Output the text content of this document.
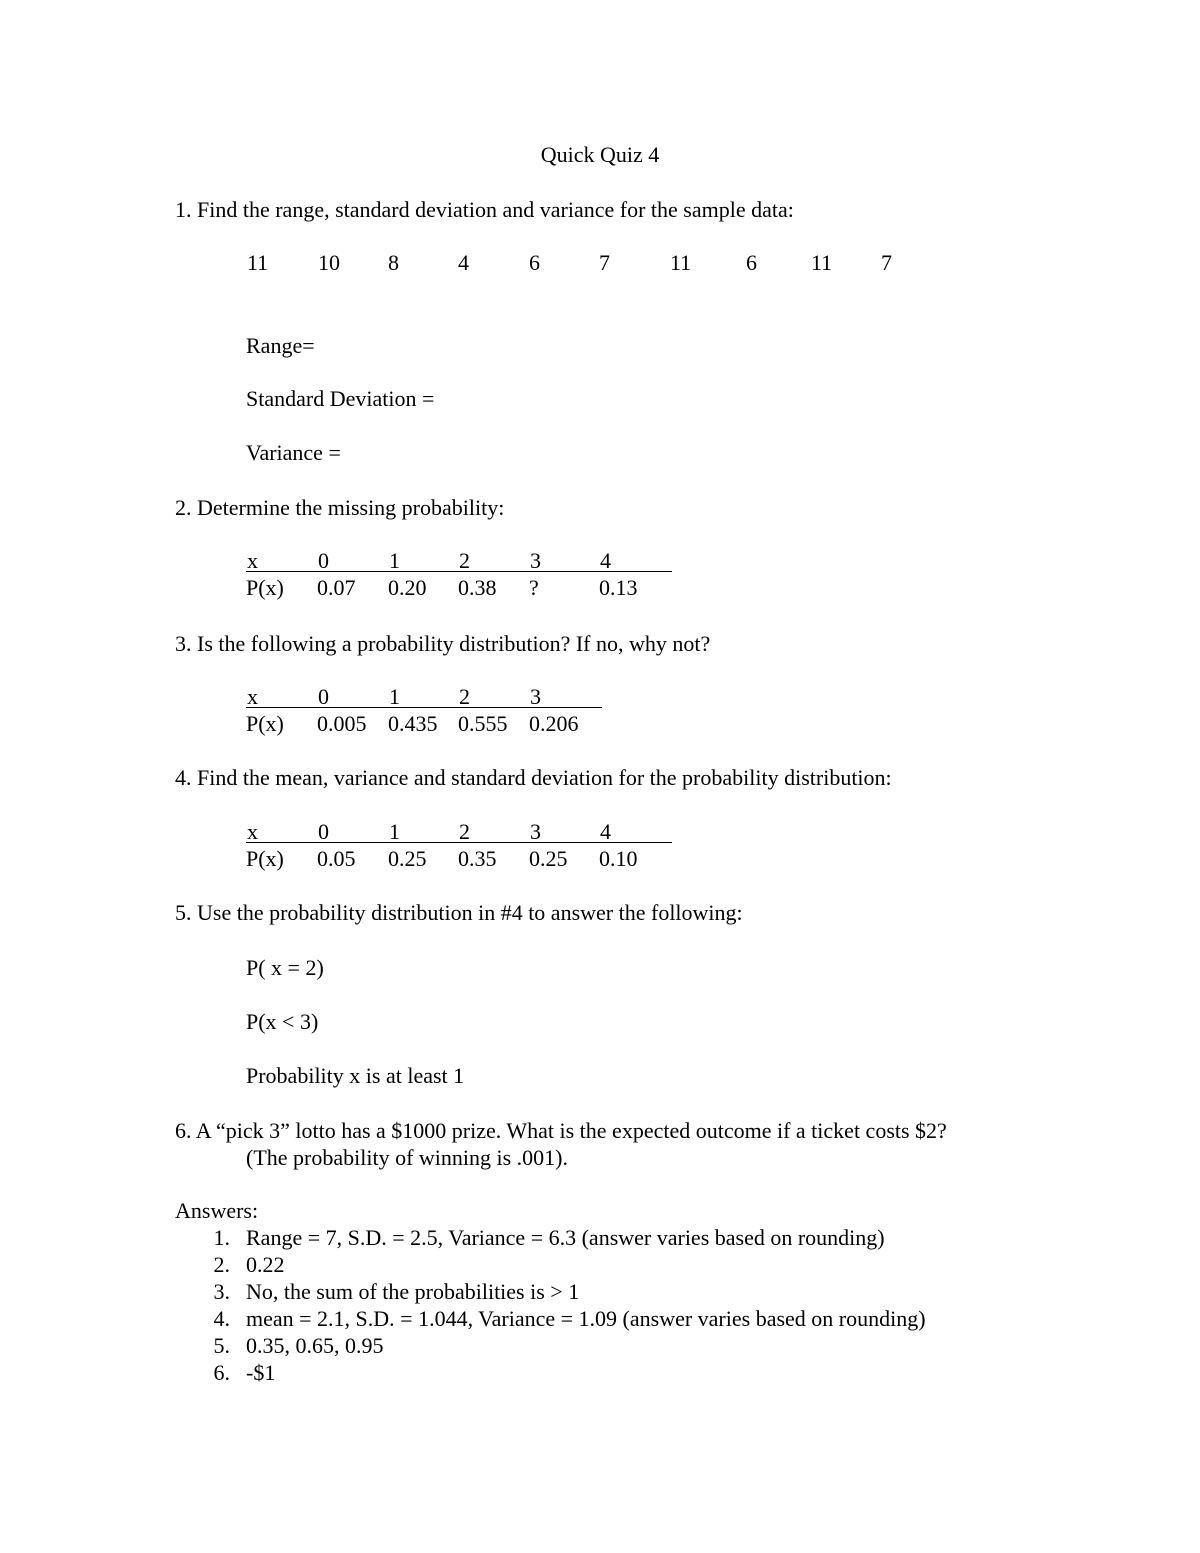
Quick Quiz 4
1. Find the range, standard deviation and variance for the sample data:
11 10 8	4	6	7	11 6 11 7
Range=
Standard Deviation =
Variance =
2. Determine the missing probability:
x	0	1	2	3	4
P(x) 0.07 0.20 0.38 ?	0.13
3. Is the following a probability distribution? If no, why not?
x	0	1	2	3
P(x) 0.005 0.435 0.555 0.206
4. Find the mean, variance and standard deviation for the probability distribution:
x	0	1	2	3	4
P(x) 0.05 0.25 0.35 0.25 0.10
5. Use the probability distribution in #4 to answer the following:
P( x = 2)
P(x < 3)
Probability x is at least 1
6. A “pick 3” lotto has a $1000 prize. What is the expected outcome if a ticket costs $2?
(The probability of winning is .001).
Answers:
1. Range = 7, S.D. = 2.5, Variance = 6.3 (answer varies based on rounding)
2. 0.22
3. No, the sum of the probabilities is > 1
4. mean = 2.1, S.D. = 1.044, Variance = 1.09 (answer varies based on rounding)
5. 0.35, 0.65, 0.95
6. -$1
